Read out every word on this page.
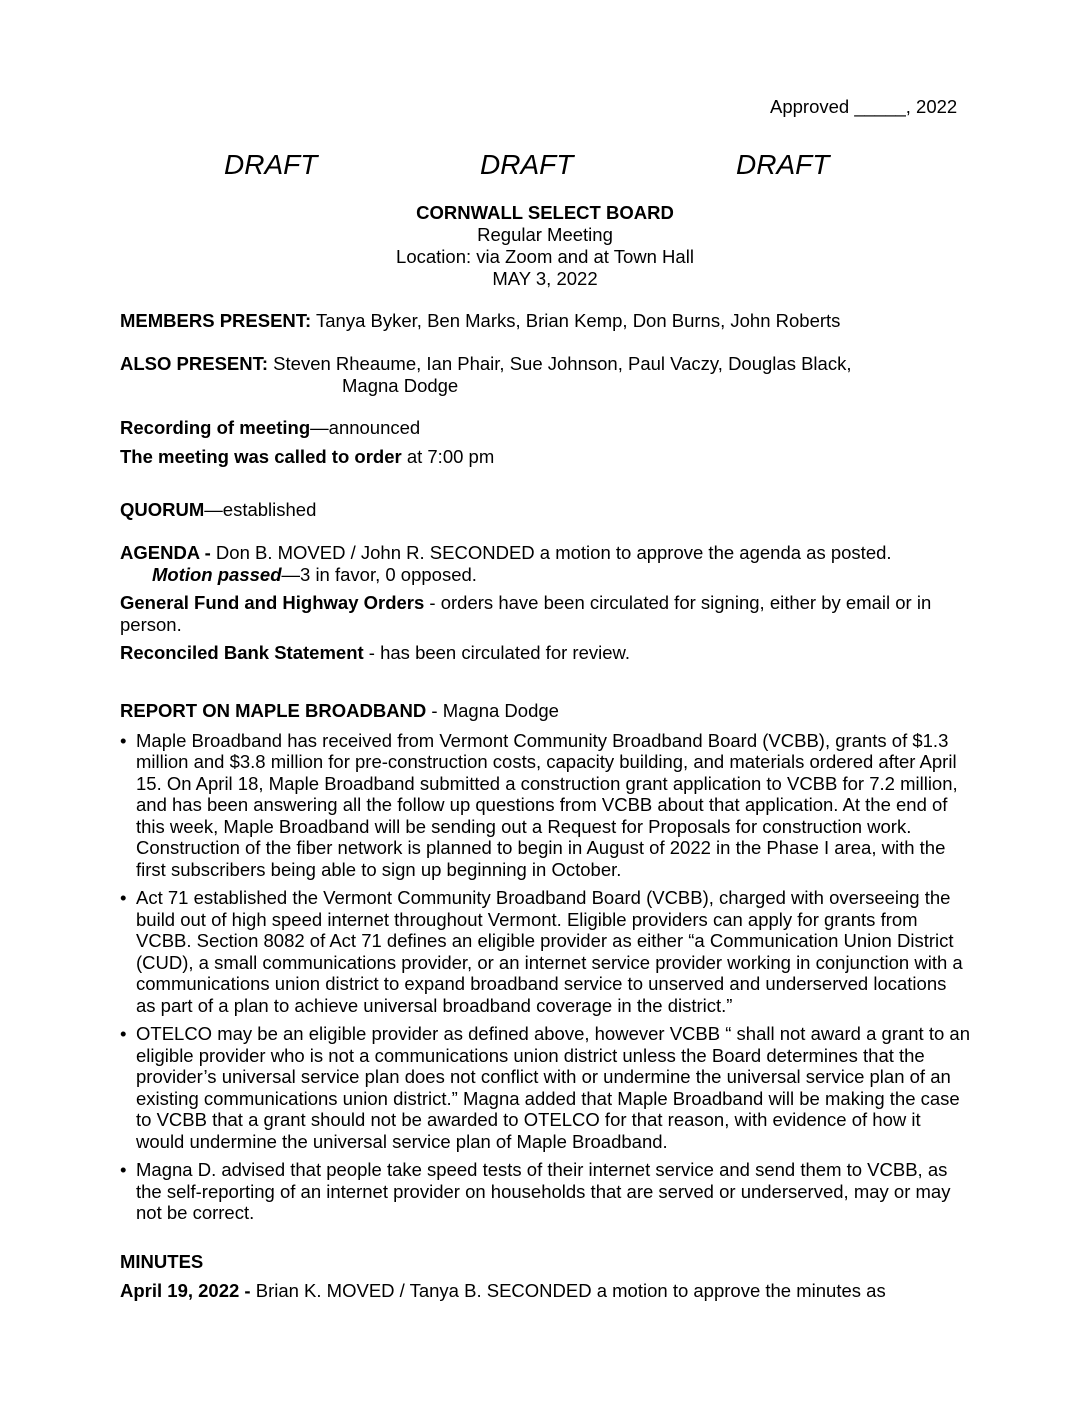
Approved _____, 2022
DRAFT	DRAFT	DRAFT
CORNWALL SELECT BOARD
Regular Meeting
Location: via Zoom and at Town Hall
MAY 3, 2022
MEMBERS PRESENT: Tanya Byker, Ben Marks, Brian Kemp, Don Burns, John Roberts
ALSO PRESENT: Steven Rheaume, Ian Phair, Sue Johnson, Paul Vaczy, Douglas Black,
Magna Dodge
Recording of meeting—announced
The meeting was called to order at 7:00 pm
QUORUM—established
AGENDA - Don B. MOVED / John R. SECONDED a motion to approve the agenda as posted.
Motion passed—3 in favor, 0 opposed.
General Fund and Highway Orders - orders have been circulated for signing, either by email or in person.
Reconciled Bank Statement - has been circulated for review.
REPORT ON MAPLE BROADBAND - Magna Dodge
• Maple Broadband has received from Vermont Community Broadband Board (VCBB), grants of $1.3 million and $3.8 million for pre-construction costs, capacity building, and materials ordered after April 15. On April 18, Maple Broadband submitted a construction grant application to VCBB for 7.2 million, and has been answering all the follow up questions from VCBB about that application. At the end of this week, Maple Broadband will be sending out a Request for Proposals for construction work. Construction of the fiber network is planned to begin in August of 2022 in the Phase I area, with the first subscribers being able to sign up beginning in October.
• Act 71 established the Vermont Community Broadband Board (VCBB), charged with overseeing the build out of high speed internet throughout Vermont. Eligible providers can apply for grants from VCBB. Section 8082 of Act 71 defines an eligible provider as either “a Communication Union District (CUD), a small communications provider, or an internet service provider working in conjunction with a communications union district to expand broadband service to unserved and underserved locations as part of a plan to achieve universal broadband coverage in the district.”
• OTELCO may be an eligible provider as defined above, however VCBB “ shall not award a grant to an eligible provider who is not a communications union district unless the Board determines that the provider’s universal service plan does not conflict with or undermine the universal service plan of an existing communications union district.” Magna added that Maple Broadband will be making the case to VCBB that a grant should not be awarded to OTELCO for that reason, with evidence of how it would undermine the universal service plan of Maple Broadband.
• Magna D. advised that people take speed tests of their internet service and send them to VCBB, as the self-reporting of an internet provider on households that are served or underserved, may or may not be correct.
MINUTES
April 19, 2022 - Brian K. MOVED / Tanya B. SECONDED a motion to approve the minutes as
